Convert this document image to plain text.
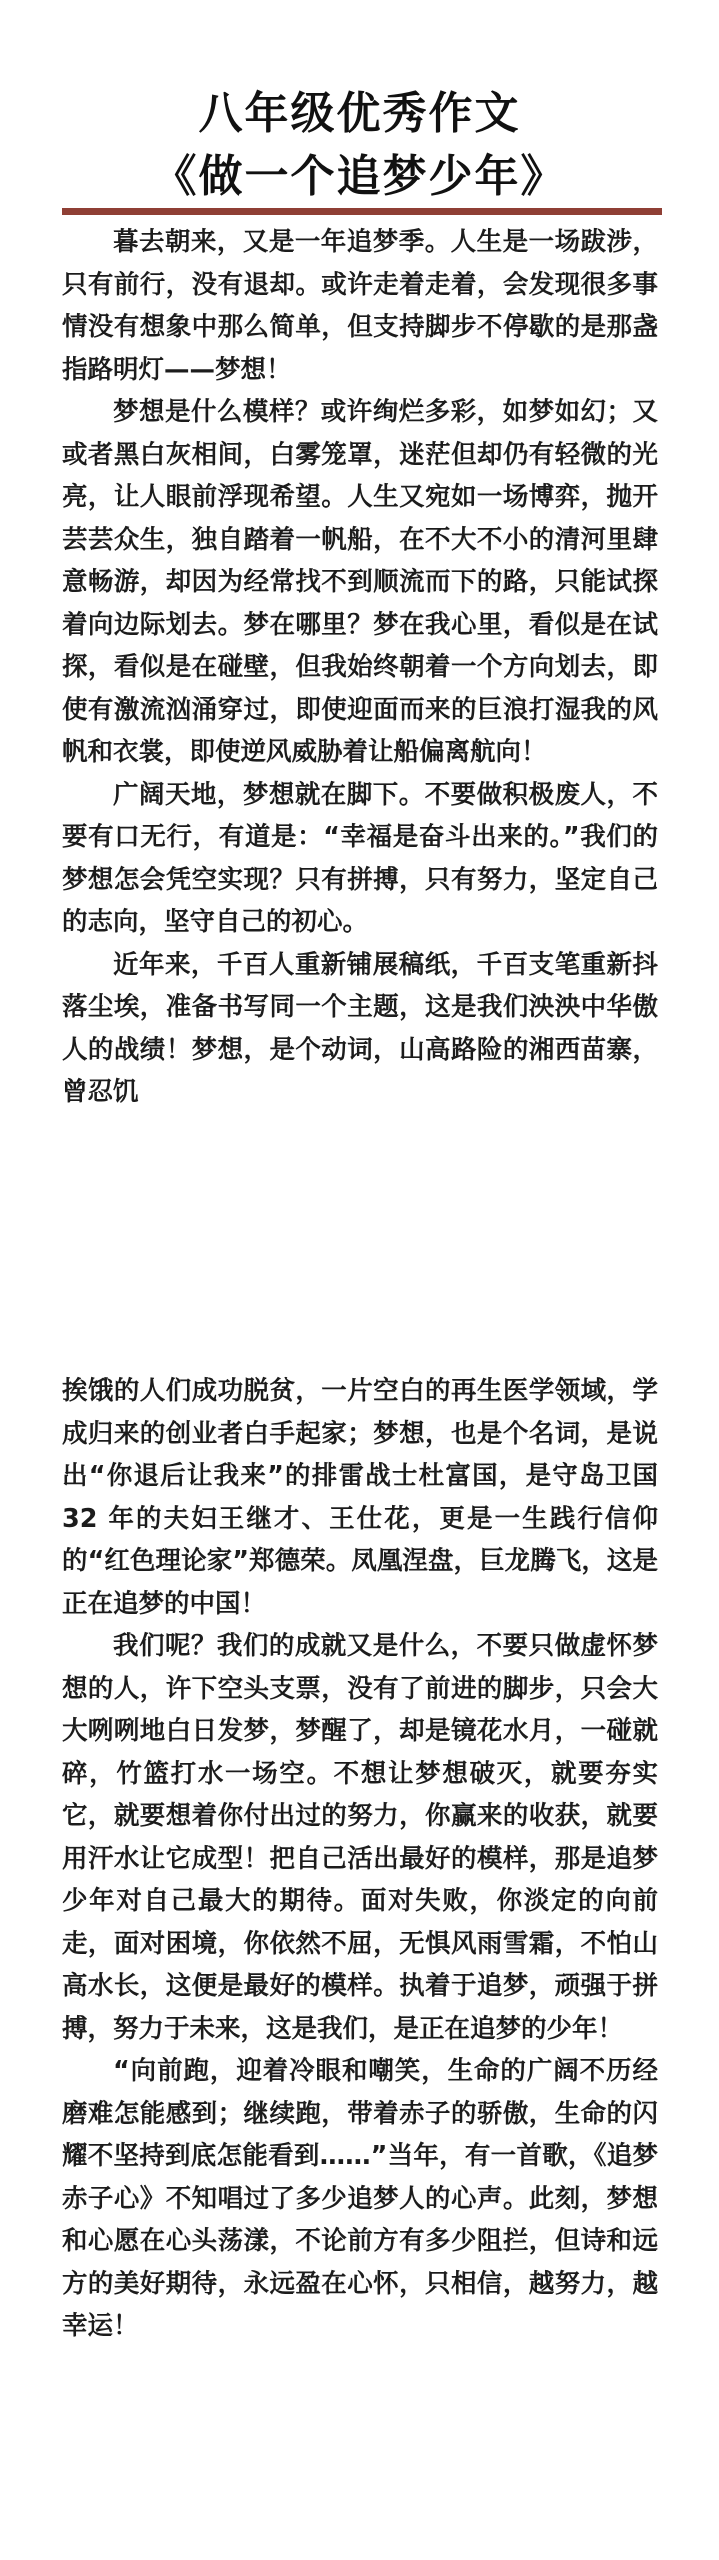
八年级优秀作文
《做一个追梦少年》

暮去朝来，又是一年追梦季。人生是一场跋涉，只有前行，没有退却。或许走着走着，会发现很多事情没有想象中那么简单，但支持脚步不停歇的是那盏指路明灯——梦想！

梦想是什么模样？或许绚烂多彩，如梦如幻；又或者黑白灰相间，白雾笼罩，迷茫但却仍有轻微的光亮，让人眼前浮现希望。人生又宛如一场博弈，抛开芸芸众生，独自踏着一帆船，在不大不小的清河里肆意畅游，却因为经常找不到顺流而下的路，只能试探着向边际划去。梦在哪里？梦在我心里，看似是在试探，看似是在碰壁，但我始终朝着一个方向划去，即使有激流汹涌穿过，即使迎面而来的巨浪打湿我的风帆和衣裳，即使逆风威胁着让船偏离航向！

广阔天地，梦想就在脚下。不要做积极废人，不要有口无行，有道是：“幸福是奋斗出来的。”我们的梦想怎会凭空实现？只有拼搏，只有努力，坚定自己的志向，坚守自己的初心。

近年来，千百人重新铺展稿纸，千百支笔重新抖落尘埃，准备书写同一个主题，这是我们泱泱中华傲人的战绩！梦想，是个动词，山高路险的湘西苗寨，曾忍饥

挨饿的人们成功脱贫，一片空白的再生医学领域，学成归来的创业者白手起家；梦想，也是个名词，是说出“你退后让我来”的排雷战士杜富国，是守岛卫国 32 年的夫妇王继才、王仕花，更是一生践行信仰的“红色理论家”郑德荣。凤凰涅盘，巨龙腾飞，这是正在追梦的中国！

我们呢？我们的成就又是什么，不要只做虚怀梦想的人，许下空头支票，没有了前进的脚步，只会大大咧咧地白日发梦，梦醒了，却是镜花水月，一碰就碎，竹篮打水一场空。不想让梦想破灭，就要夯实它，就要想着你付出过的努力，你赢来的收获，就要用汗水让它成型！把自己活出最好的模样，那是追梦少年对自己最大的期待。面对失败，你淡定的向前走，面对困境，你依然不屈，无惧风雨雪霜，不怕山高水长，这便是最好的模样。执着于追梦，顽强于拼搏，努力于未来，这是我们，是正在追梦的少年！

“向前跑，迎着冷眼和嘲笑，生命的广阔不历经磨难怎能感到；继续跑，带着赤子的骄傲，生命的闪耀不坚持到底怎能看到……”当年，有一首歌，《追梦赤子心》不知唱过了多少追梦人的心声。此刻，梦想和心愿在心头荡漾，不论前方有多少阻拦，但诗和远方的美好期待，永远盈在心怀，只相信，越努力，越幸运！
